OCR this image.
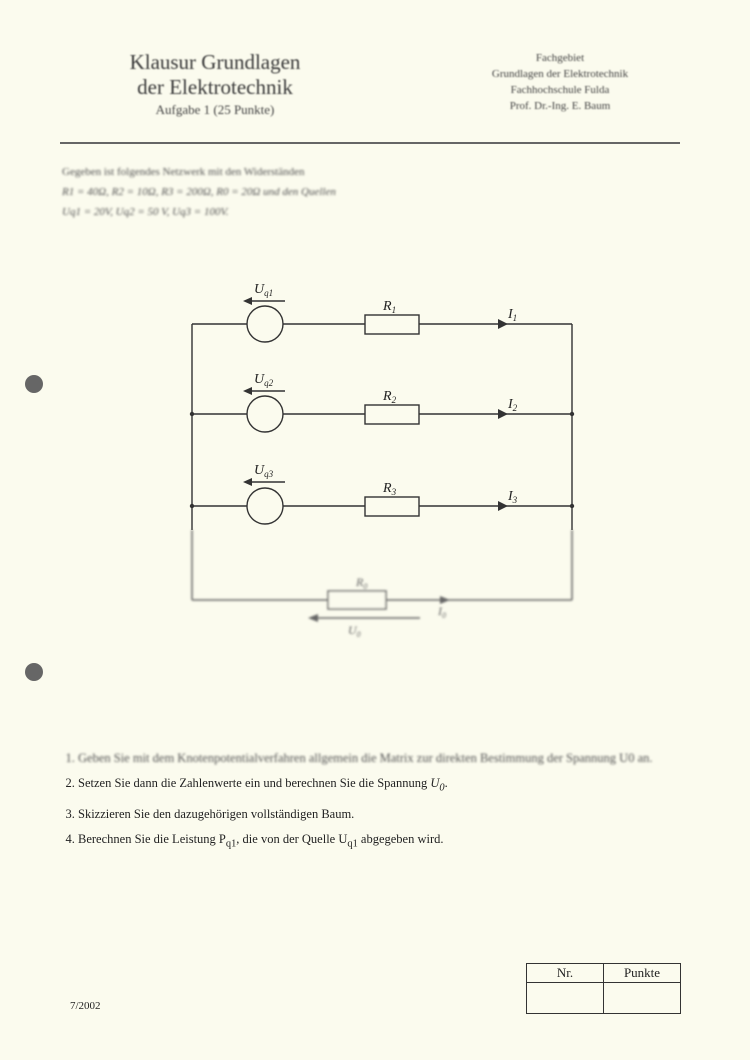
Klausur Grundlagen
der Elektrotechnik
Aufgabe 1 (25 Punkte)
Fachgebiet
Grundlagen der Elektrotechnik
Fachhochschule Fulda
Prof. Dr.-Ing. E. Baum
Gegeben ist folgendes Netzwerk mit den Widerständen
R1 = 40Ω, R2 = 10Ω, R3 = 200Ω, R0 = 20Ω und den Quellen
Uq1 = 20V, Uq2 = 50 V, Uq3 = 100V.
$U_{q1}$
$U_{q2}$
$U_{q3}$
$R_1$
$R_2$
$R_3$
$I_1$
$I_2$
$I_3$
$R_0$
$I_0$
$U_0$
1. Geben Sie mit dem Knotenpotentialverfahren allgemein die Matrix zur direkten Bestimmung der Spannung U0 an.
2. Setzen Sie dann die Zahlenwerte ein und berechnen Sie die Spannung $U_0$.
3. Skizzieren Sie den dazugehörigen vollständigen Baum.
4. Berechnen Sie die Leistung $P_{q1}$, die von der Quelle $U_{q1}$ abgegeben wird.
Nr.	Punkte

7/2002
